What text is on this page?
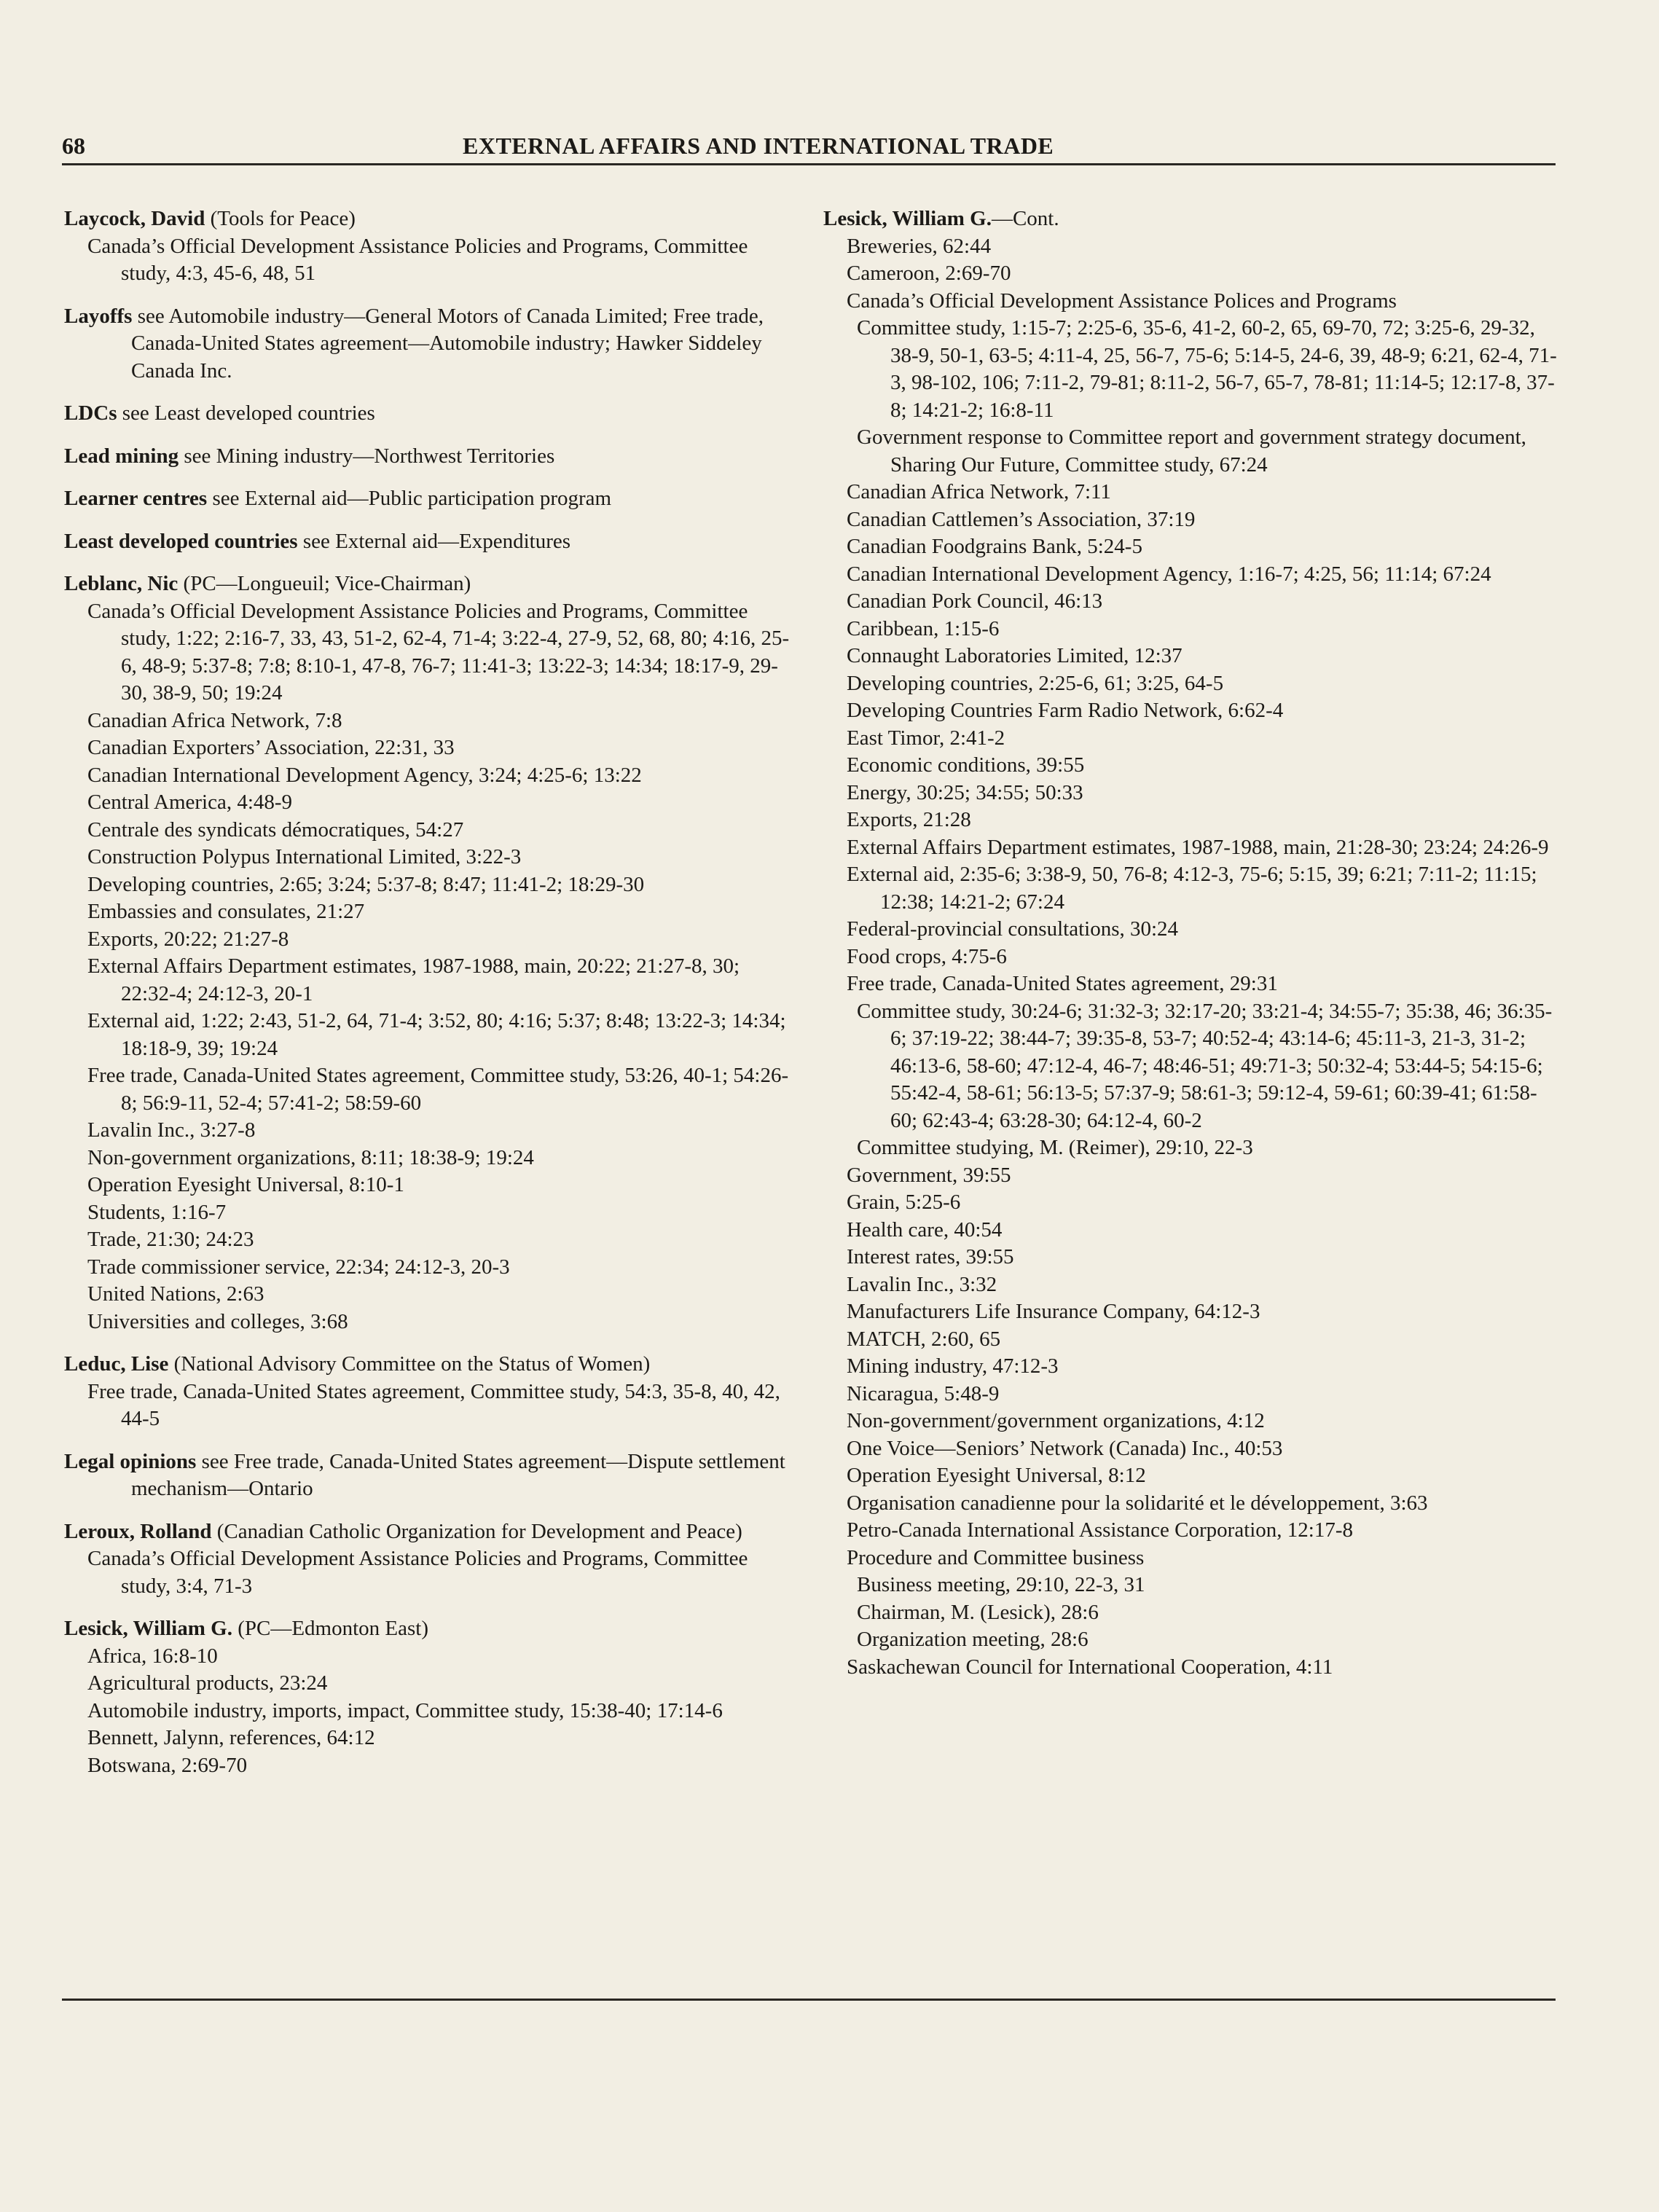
68	EXTERNAL AFFAIRS AND INTERNATIONAL TRADE
Laycock, David (Tools for Peace)
Canada’s Official Development Assistance Policies and Programs, Committee study, 4:3, 45-6, 48, 51
Layoffs see Automobile industry—General Motors of Canada Limited; Free trade, Canada-United States agreement—Automobile industry; Hawker Siddeley Canada Inc.
LDCs see Least developed countries
Lead mining see Mining industry—Northwest Territories
Learner centres see External aid—Public participation program
Least developed countries see External aid—Expenditures
Leblanc, Nic (PC—Longueuil; Vice-Chairman)
Canada’s Official Development Assistance Policies and Programs, Committee study, 1:22; 2:16-7, 33, 43, 51-2, 62-4, 71-4; 3:22-4, 27-9, 52, 68, 80; 4:16, 25-6, 48-9; 5:37-8; 7:8; 8:10-1, 47-8, 76-7; 11:41-3; 13:22-3; 14:34; 18:17-9, 29-30, 38-9, 50; 19:24
Canadian Africa Network, 7:8
Canadian Exporters’ Association, 22:31, 33
Canadian International Development Agency, 3:24; 4:25-6; 13:22
Central America, 4:48-9
Centrale des syndicats démocratiques, 54:27
Construction Polypus International Limited, 3:22-3
Developing countries, 2:65; 3:24; 5:37-8; 8:47; 11:41-2; 18:29-30
Embassies and consulates, 21:27
Exports, 20:22; 21:27-8
External Affairs Department estimates, 1987-1988, main, 20:22; 21:27-8, 30; 22:32-4; 24:12-3, 20-1
External aid, 1:22; 2:43, 51-2, 64, 71-4; 3:52, 80; 4:16; 5:37; 8:48; 13:22-3; 14:34; 18:18-9, 39; 19:24
Free trade, Canada-United States agreement, Committee study, 53:26, 40-1; 54:26-8; 56:9-11, 52-4; 57:41-2; 58:59-60
Lavalin Inc., 3:27-8
Non-government organizations, 8:11; 18:38-9; 19:24
Operation Eyesight Universal, 8:10-1
Students, 1:16-7
Trade, 21:30; 24:23
Trade commissioner service, 22:34; 24:12-3, 20-3
United Nations, 2:63
Universities and colleges, 3:68
Leduc, Lise (National Advisory Committee on the Status of Women)
Free trade, Canada-United States agreement, Committee study, 54:3, 35-8, 40, 42, 44-5
Legal opinions see Free trade, Canada-United States agreement—Dispute settlement mechanism—Ontario
Leroux, Rolland (Canadian Catholic Organization for Development and Peace)
Canada’s Official Development Assistance Policies and Programs, Committee study, 3:4, 71-3
Lesick, William G. (PC—Edmonton East)
Africa, 16:8-10
Agricultural products, 23:24
Automobile industry, imports, impact, Committee study, 15:38-40; 17:14-6
Bennett, Jalynn, references, 64:12
Botswana, 2:69-70
Lesick, William G.—Cont.
Breweries, 62:44
Cameroon, 2:69-70
Canada’s Official Development Assistance Polices and Programs
Committee study, 1:15-7; 2:25-6, 35-6, 41-2, 60-2, 65, 69-70, 72; 3:25-6, 29-32, 38-9, 50-1, 63-5; 4:11-4, 25, 56-7, 75-6; 5:14-5, 24-6, 39, 48-9; 6:21, 62-4, 71-3, 98-102, 106; 7:11-2, 79-81; 8:11-2, 56-7, 65-7, 78-81; 11:14-5; 12:17-8, 37-8; 14:21-2; 16:8-11
Government response to Committee report and government strategy document, Sharing Our Future, Committee study, 67:24
Canadian Africa Network, 7:11
Canadian Cattlemen’s Association, 37:19
Canadian Foodgrains Bank, 5:24-5
Canadian International Development Agency, 1:16-7; 4:25, 56; 11:14; 67:24
Canadian Pork Council, 46:13
Caribbean, 1:15-6
Connaught Laboratories Limited, 12:37
Developing countries, 2:25-6, 61; 3:25, 64-5
Developing Countries Farm Radio Network, 6:62-4
East Timor, 2:41-2
Economic conditions, 39:55
Energy, 30:25; 34:55; 50:33
Exports, 21:28
External Affairs Department estimates, 1987-1988, main, 21:28-30; 23:24; 24:26-9
External aid, 2:35-6; 3:38-9, 50, 76-8; 4:12-3, 75-6; 5:15, 39; 6:21; 7:11-2; 11:15; 12:38; 14:21-2; 67:24
Federal-provincial consultations, 30:24
Food crops, 4:75-6
Free trade, Canada-United States agreement, 29:31
Committee study, 30:24-6; 31:32-3; 32:17-20; 33:21-4; 34:55-7; 35:38, 46; 36:35-6; 37:19-22; 38:44-7; 39:35-8, 53-7; 40:52-4; 43:14-6; 45:11-3, 21-3, 31-2; 46:13-6, 58-60; 47:12-4, 46-7; 48:46-51; 49:71-3; 50:32-4; 53:44-5; 54:15-6; 55:42-4, 58-61; 56:13-5; 57:37-9; 58:61-3; 59:12-4, 59-61; 60:39-41; 61:58-60; 62:43-4; 63:28-30; 64:12-4, 60-2
Committee studying, M. (Reimer), 29:10, 22-3
Government, 39:55
Grain, 5:25-6
Health care, 40:54
Interest rates, 39:55
Lavalin Inc., 3:32
Manufacturers Life Insurance Company, 64:12-3
MATCH, 2:60, 65
Mining industry, 47:12-3
Nicaragua, 5:48-9
Non-government/government organizations, 4:12
One Voice—Seniors’ Network (Canada) Inc., 40:53
Operation Eyesight Universal, 8:12
Organisation canadienne pour la solidarité et le développement, 3:63
Petro-Canada International Assistance Corporation, 12:17-8
Procedure and Committee business
Business meeting, 29:10, 22-3, 31
Chairman, M. (Lesick), 28:6
Organization meeting, 28:6
Saskachewan Council for International Cooperation, 4:11
